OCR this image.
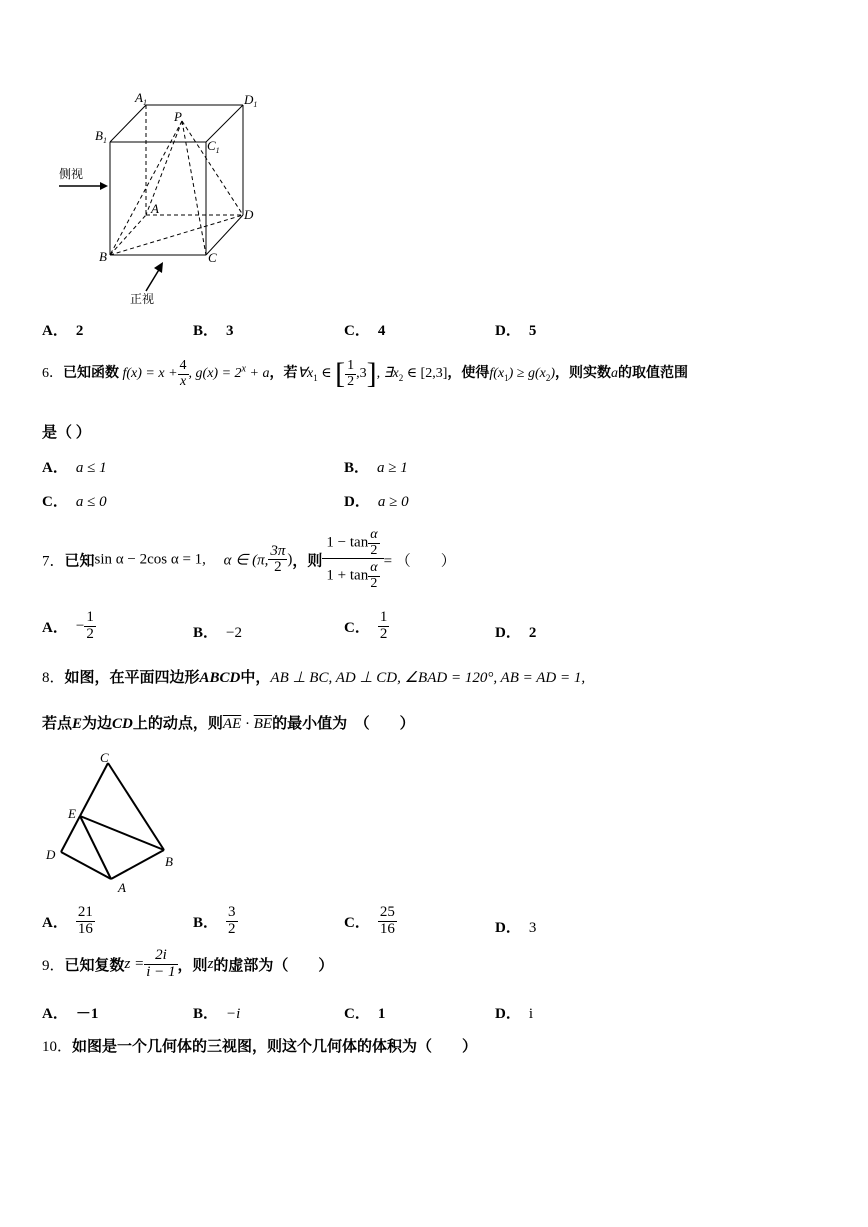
$A_1$	$D_1$
$B_1$	$C_1$
P
A	D
B	C
侧视
正视
A． 2	B． 3	C． 4	D． 5
6．已知函数 $f(x) = x + \frac{4}{x}$ , $g(x) = 2^x + a$，若$\forall x_1$ ∈ [ $\frac{1}{2} ,3$], $\exists x_2$ ∈ [2,3]，使得$f(x_1) \ge g(x_2)$，则实数a的取值范围
是（ ）
A． a ≤ 1	B． a ≥ 1
C． a ≤ 0	D． a ≥ 0
7．已知sin α − 2cos α = 1, α ∈ (π, $\frac{3\pi}{2}$ )，则 $\frac{1 - \tan \frac{\alpha}{2}}{1 + \tan \frac{\alpha}{2}}$ = （　　）
A． − $\frac{1}{2}$	B． −2	C． $\frac{1}{2}$	D． 2
8．如图，在平面四边形ABCD中，AB ⊥ BC, AD ⊥ CD, ∠BAD = 120°, AB = AD = 1,
若点E为边CD上的动点，则$\overline{AE} \cdot \overline{BE}$的最小值为　（　　）
C
E
D	B
A
A． $\frac{21}{16}$	B． $\frac{3}{2}$	C． $\frac{25}{16}$	D． 3
9．已知复数$z = \frac{2i}{i - 1}$ ，则z的虚部为（　　）
A． －1	B． −i	C． 1	D． i
10．如图是一个几何体的三视图，则这个几何体的体积为（　　）
